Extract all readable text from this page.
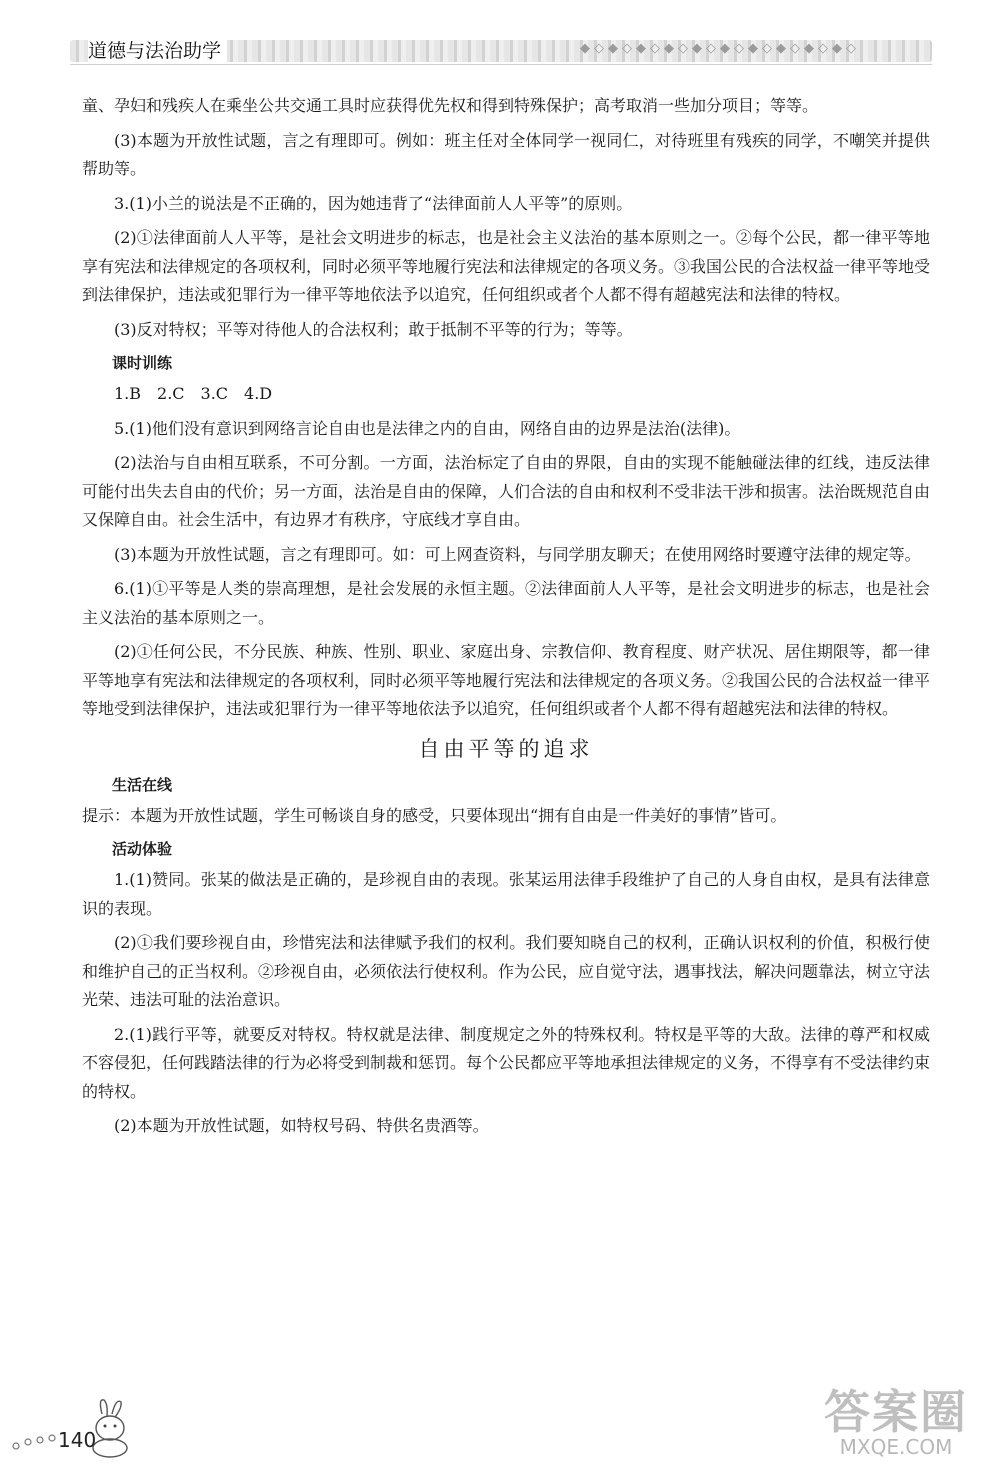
◆◇◆◇◆◇◆◇◆◇◆◇◆◇◆◇◆◇◆◇
道德与法治助学

童、孕妇和残疾人在乘坐公共交通工具时应获得优先权和得到特殊保护；高考取消一些加分项目；等等。

(3)本题为开放性试题，言之有理即可。例如：班主任对全体同学一视同仁，对待班里有残疾的同学，不嘲笑并提供帮助等。

3.(1)小兰的说法是不正确的，因为她违背了“法律面前人人平等”的原则。

(2)①法律面前人人平等，是社会文明进步的标志，也是社会主义法治的基本原则之一。②每个公民，都一律平等地享有宪法和法律规定的各项权利，同时必须平等地履行宪法和法律规定的各项义务。③我国公民的合法权益一律平等地受到法律保护，违法或犯罪行为一律平等地依法予以追究，任何组织或者个人都不得有超越宪法和法律的特权。

(3)反对特权；平等对待他人的合法权利；敢于抵制不平等的行为；等等。

课时训练

1.B　2.C　3.C　4.D

5.(1)他们没有意识到网络言论自由也是法律之内的自由，网络自由的边界是法治(法律)。

(2)法治与自由相互联系，不可分割。一方面，法治标定了自由的界限，自由的实现不能触碰法律的红线，违反法律可能付出失去自由的代价；另一方面，法治是自由的保障，人们合法的自由和权利不受非法干涉和损害。法治既规范自由又保障自由。社会生活中，有边界才有秩序，守底线才享自由。

(3)本题为开放性试题，言之有理即可。如：可上网查资料，与同学朋友聊天；在使用网络时要遵守法律的规定等。

6.(1)①平等是人类的崇高理想，是社会发展的永恒主题。②法律面前人人平等，是社会文明进步的标志，也是社会主义法治的基本原则之一。

(2)①任何公民，不分民族、种族、性别、职业、家庭出身、宗教信仰、教育程度、财产状况、居住期限等，都一律平等地享有宪法和法律规定的各项权利，同时必须平等地履行宪法和法律规定的各项义务。②我国公民的合法权益一律平等地受到法律保护，违法或犯罪行为一律平等地依法予以追究，任何组织或者个人都不得有超越宪法和法律的特权。

自由平等的追求
生活在线

提示：本题为开放性试题，学生可畅谈自身的感受，只要体现出“拥有自由是一件美好的事情”皆可。

活动体验

1.(1)赞同。张某的做法是正确的，是珍视自由的表现。张某运用法律手段维护了自己的人身自由权，是具有法律意识的表现。

(2)①我们要珍视自由，珍惜宪法和法律赋予我们的权利。我们要知晓自己的权利，正确认识权利的价值，积极行使和维护自己的正当权利。②珍视自由，必须依法行使权利。作为公民，应自觉守法，遇事找法，解决问题靠法，树立守法光荣、违法可耻的法治意识。

2.(1)践行平等，就要反对特权。特权就是法律、制度规定之外的特殊权利。特权是平等的大敌。法律的尊严和权威不容侵犯，任何践踏法律的行为必将受到制裁和惩罚。每个公民都应平等地承担法律规定的义务，不得享有不受法律约束的特权。

(2)本题为开放性试题，如特权号码、特供名贵酒等。

140
答案圈
MXQE.COM
